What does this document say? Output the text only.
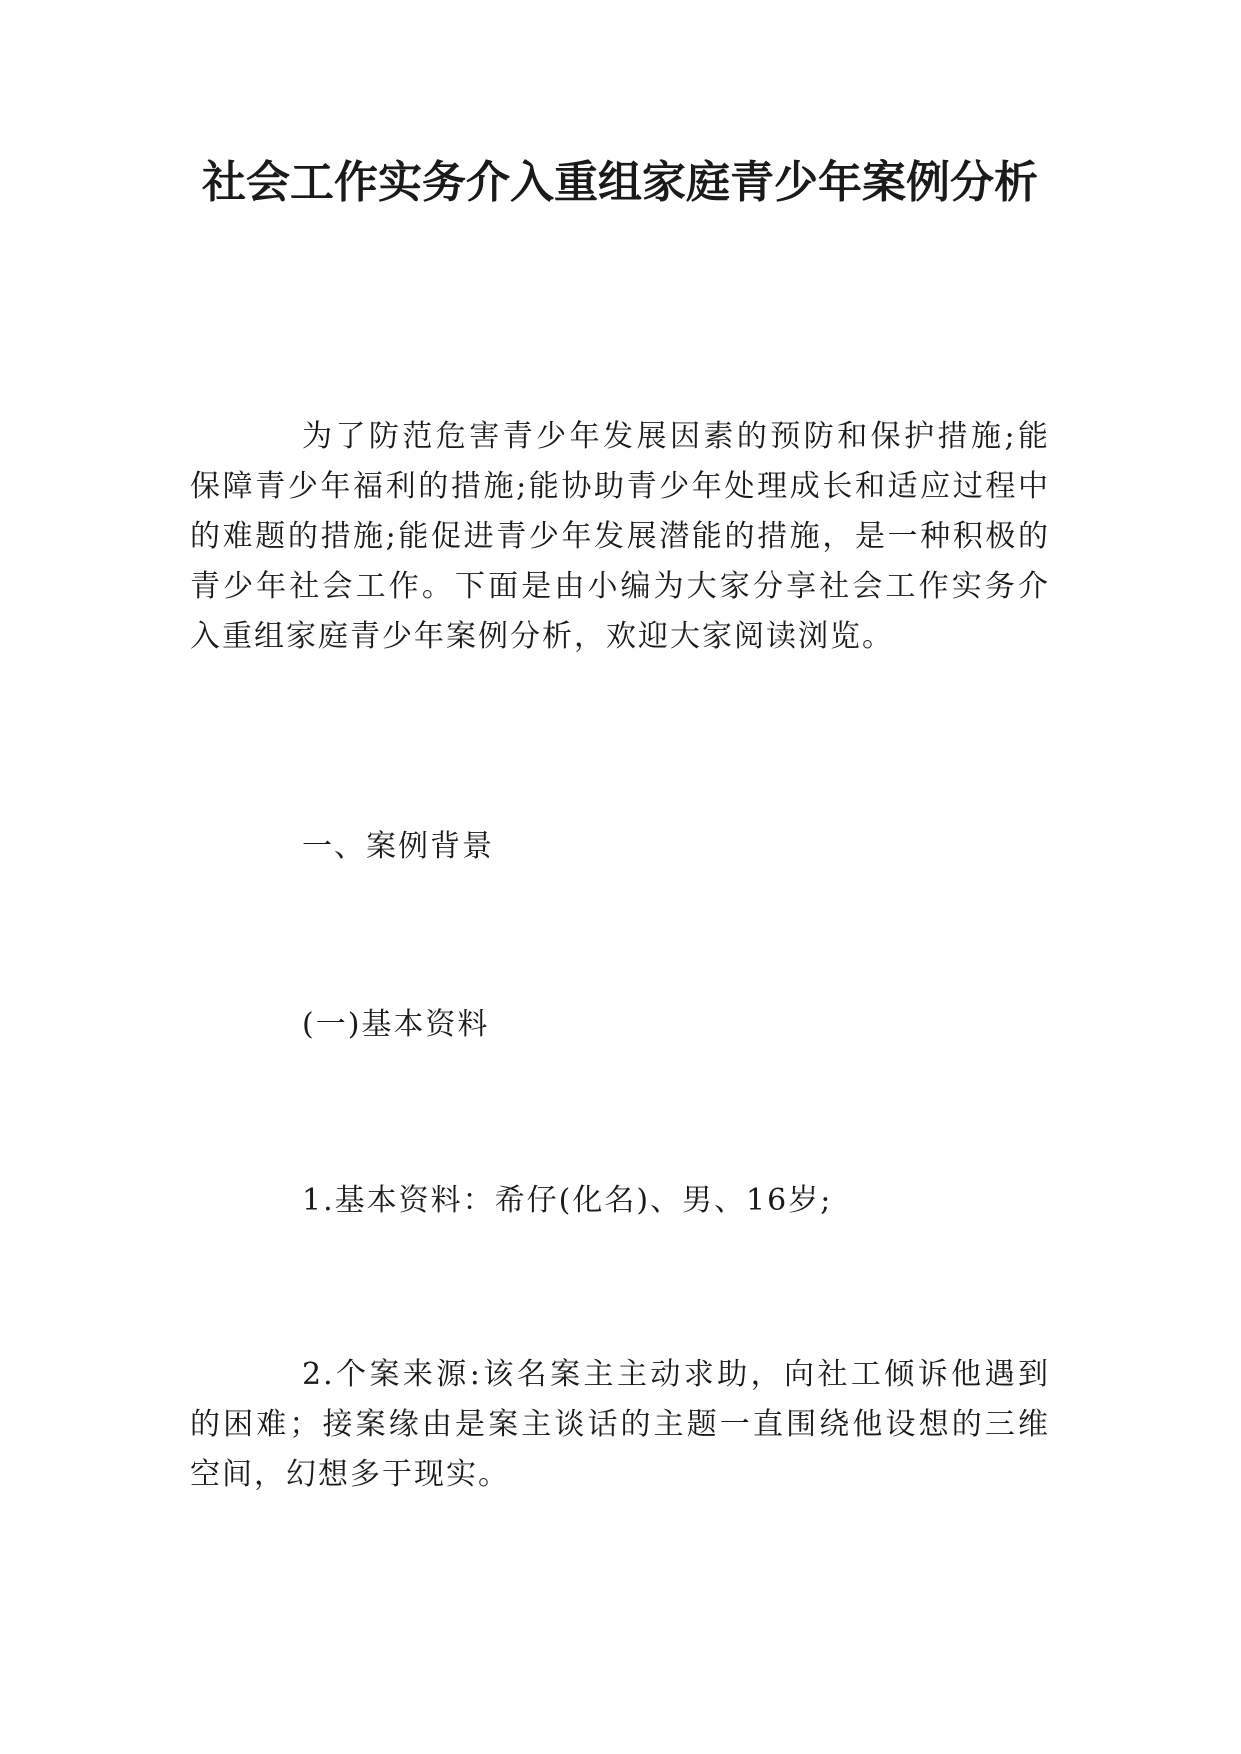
社会工作实务介入重组家庭青少年案例分析

为了防范危害青少年发展因素的预防和保护措施;能保障青少年福利的措施;能协助青少年处理成长和适应过程中的难题的措施;能促进青少年发展潜能的措施，是一种积极的青少年社会工作。下面是由小编为大家分享社会工作实务介入重组家庭青少年案例分析，欢迎大家阅读浏览。

一、案例背景

(一)基本资料

1.基本资料：希仔(化名)、男、16岁;

2.个案来源:该名案主主动求助，向社工倾诉他遇到的困难；接案缘由是案主谈话的主题一直围绕他设想的三维空间，幻想多于现实。
